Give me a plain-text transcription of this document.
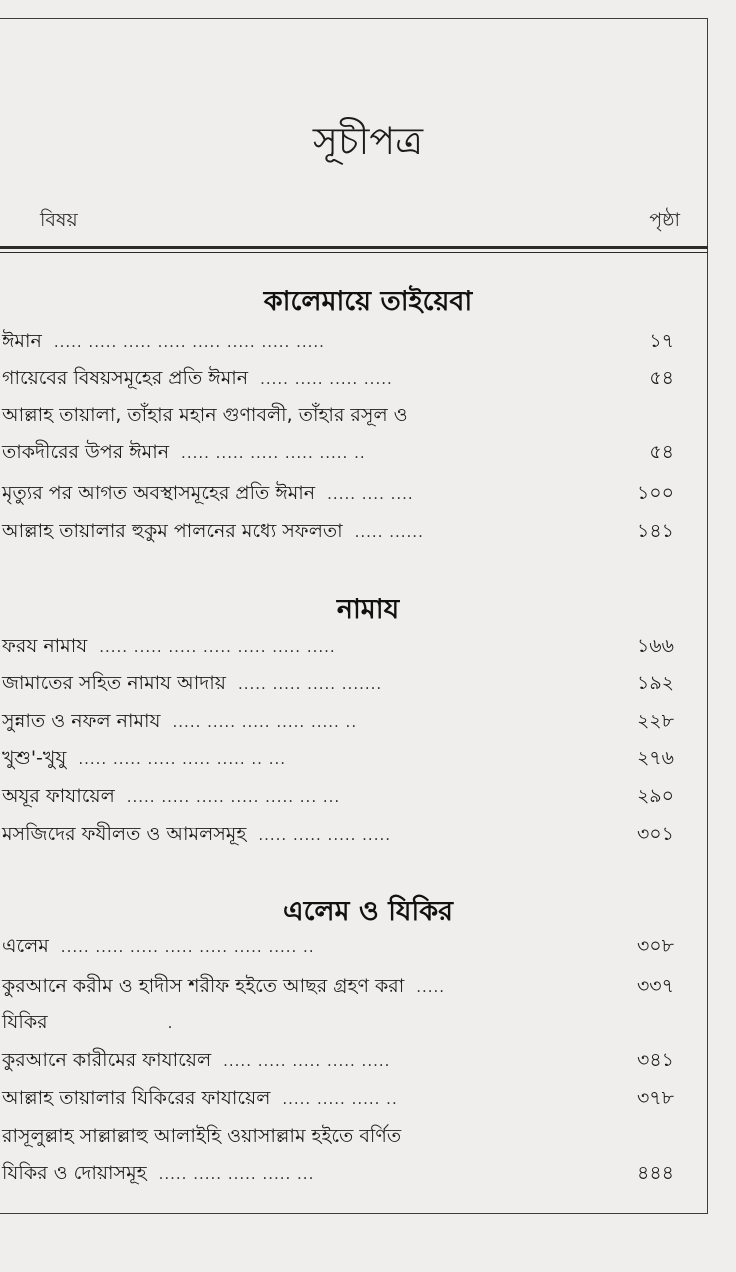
সূচীপত্র
বিষয়	পৃষ্ঠা
কালেমায়ে তাইয়েবা
ঈমান ..... ..... ..... ..... ..... ..... ..... .....	১৭
গায়েবের বিষয়সমূহের প্রতি ঈমান ..... ..... ..... .....	৫৪
আল্লাহ তায়ালা, তাঁহার মহান গুণাবলী, তাঁহার রসূল ও
তাকদীরের উপর ঈমান ..... ..... ..... ..... ..... ..	৫৪
মৃত্যুর পর আগত অবস্থাসমূহের প্রতি ঈমান ..... .... ....	১০০
আল্লাহ তায়ালার হুকুম পালনের মধ্যে সফলতা ..... ......	১৪১
নামায
ফরয নামায ..... ..... ..... ..... ..... ..... .....	১৬৬
জামাতের সহিত নামায আদায় ..... ..... ..... .......	১৯২
সুন্নাত ও নফল নামায ..... ..... ..... ..... ..... ..	২২৮
খুশু'-খুযু ..... ..... ..... ..... ..... .. ...	২৭৬
অযূর ফাযায়েল ..... ..... ..... ..... ..... ... ...	২৯০
মসজিদের ফযীলত ও আমলসমূহ ..... ..... ..... .....	৩০১
এলেম ও যিকির
এলেম ..... ..... ..... ..... ..... ..... ..... ..	৩০৮
কুরআনে করীম ও হাদীস শরীফ হইতে আছর গ্রহণ করা .....	৩৩৭
যিকির	.
কুরআনে কারীমের ফাযায়েল ..... ..... ..... ..... .....	৩৪১
আল্লাহ তায়ালার যিকিরের ফাযায়েল ..... ..... ..... ..	৩৭৮
রাসূলুল্লাহ সাল্লাল্লাহু আলাইহি ওয়াসাল্লাম হইতে বর্ণিত
যিকির ও দোয়াসমূহ ..... ..... ..... ..... ...	৪৪৪
